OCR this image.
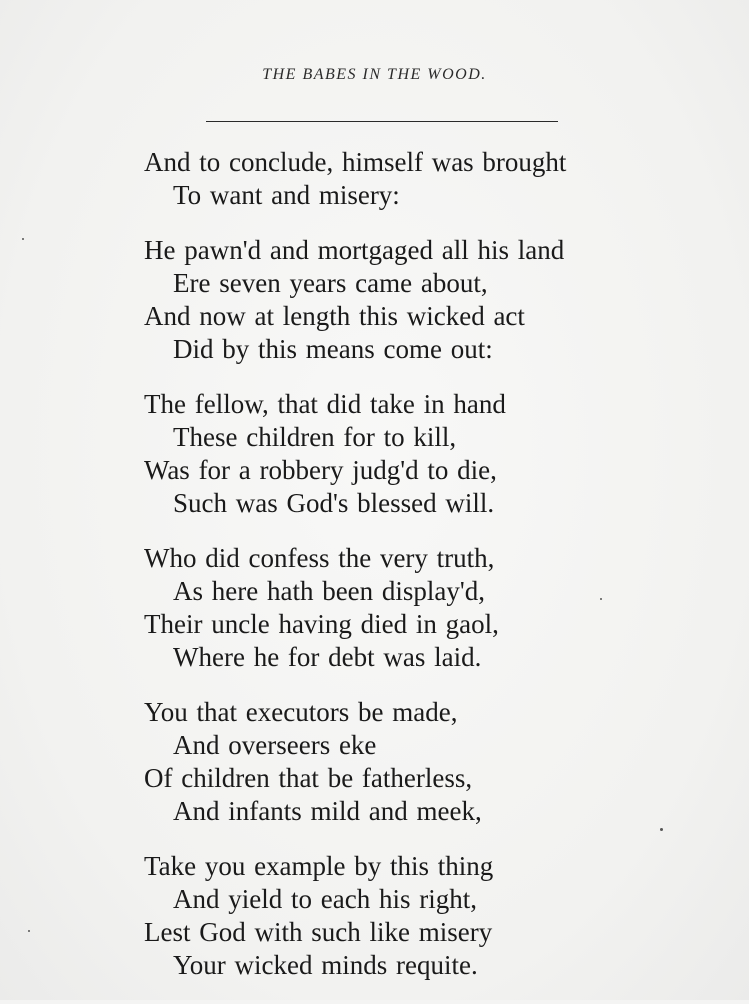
THE BABES IN THE WOOD.
And to conclude, himself was brought
To want and misery:
He pawn'd and mortgaged all his land
Ere seven years came about,
And now at length this wicked act
Did by this means come out:
The fellow, that did take in hand
These children for to kill,
Was for a robbery judg'd to die,
Such was God's blessed will.
Who did confess the very truth,
As here hath been display'd,
Their uncle having died in gaol,
Where he for debt was laid.
You that executors be made,
And overseers eke
Of children that be fatherless,
And infants mild and meek,
Take you example by this thing
And yield to each his right,
Lest God with such like misery
Your wicked minds requite.
